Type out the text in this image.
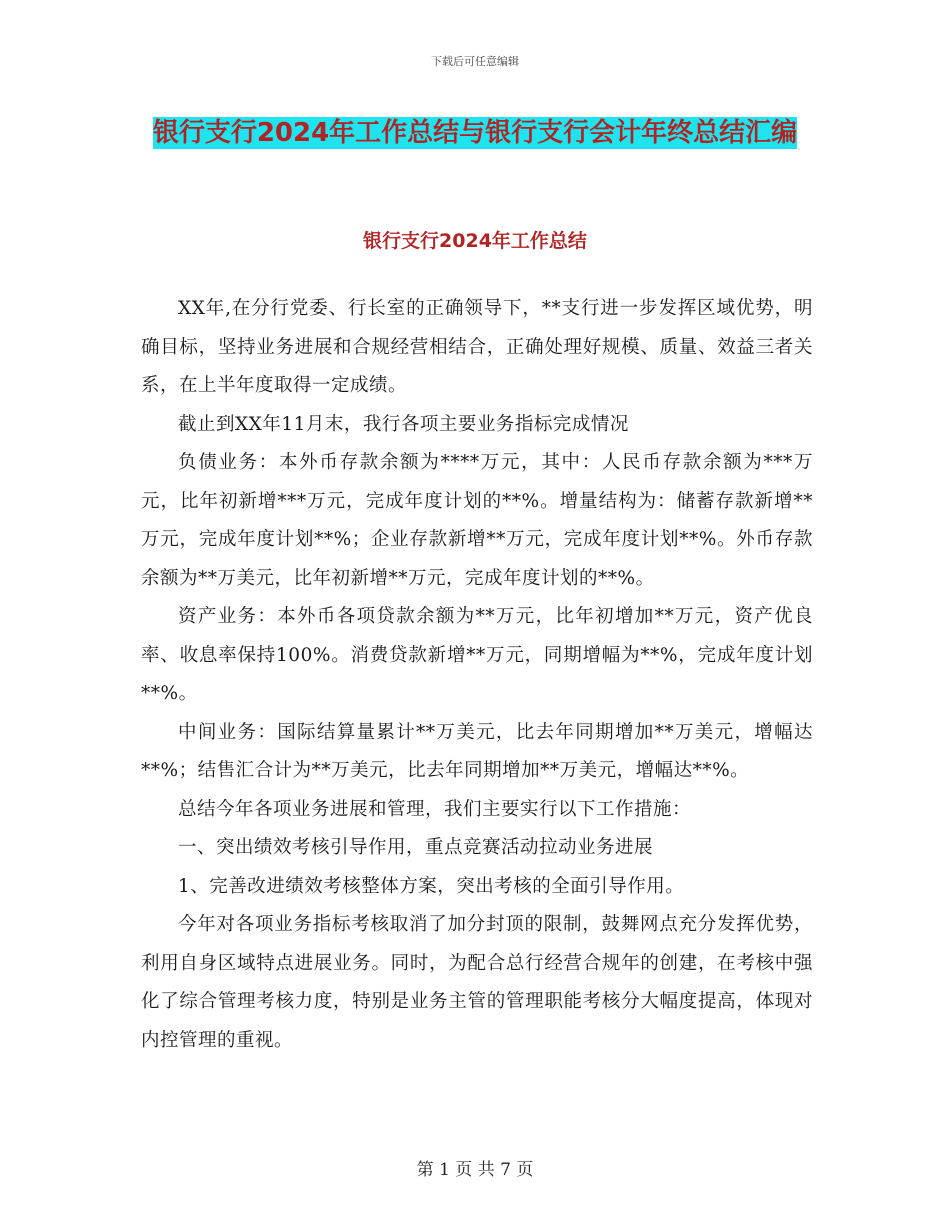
下载后可任意编辑
银行支行2024年工作总结与银行支行会计年终总结汇编
银行支行2024年工作总结

XX年,在分行党委、行长室的正确领导下，**支行进一步发挥区域优势，明确目标，坚持业务进展和合规经营相结合，正确处理好规模、质量、效益三者关系，在上半年度取得一定成绩。

截止到XX年11月末，我行各项主要业务指标完成情况

负债业务：本外币存款余额为****万元，其中：人民币存款余额为***万元，比年初新增***万元，完成年度计划的**%。增量结构为：储蓄存款新增**万元，完成年度计划**%；企业存款新增**万元，完成年度计划**%。外币存款余额为**万美元，比年初新增**万元，完成年度计划的**%。

资产业务：本外币各项贷款余额为**万元，比年初增加**万元，资产优良率、收息率保持100%。消费贷款新增**万元，同期增幅为**%，完成年度计划**%。

中间业务：国际结算量累计**万美元，比去年同期增加**万美元，增幅达**%；结售汇合计为**万美元，比去年同期增加**万美元，增幅达**%。

总结今年各项业务进展和管理，我们主要实行以下工作措施：

一、突出绩效考核引导作用，重点竞赛活动拉动业务进展

1、完善改进绩效考核整体方案，突出考核的全面引导作用。

今年对各项业务指标考核取消了加分封顶的限制，鼓舞网点充分发挥优势，利用自身区域特点进展业务。同时，为配合总行经营合规年的创建，在考核中强化了综合管理考核力度，特别是业务主管的管理职能考核分大幅度提高，体现对内控管理的重视。

第 1 页 共 7 页
